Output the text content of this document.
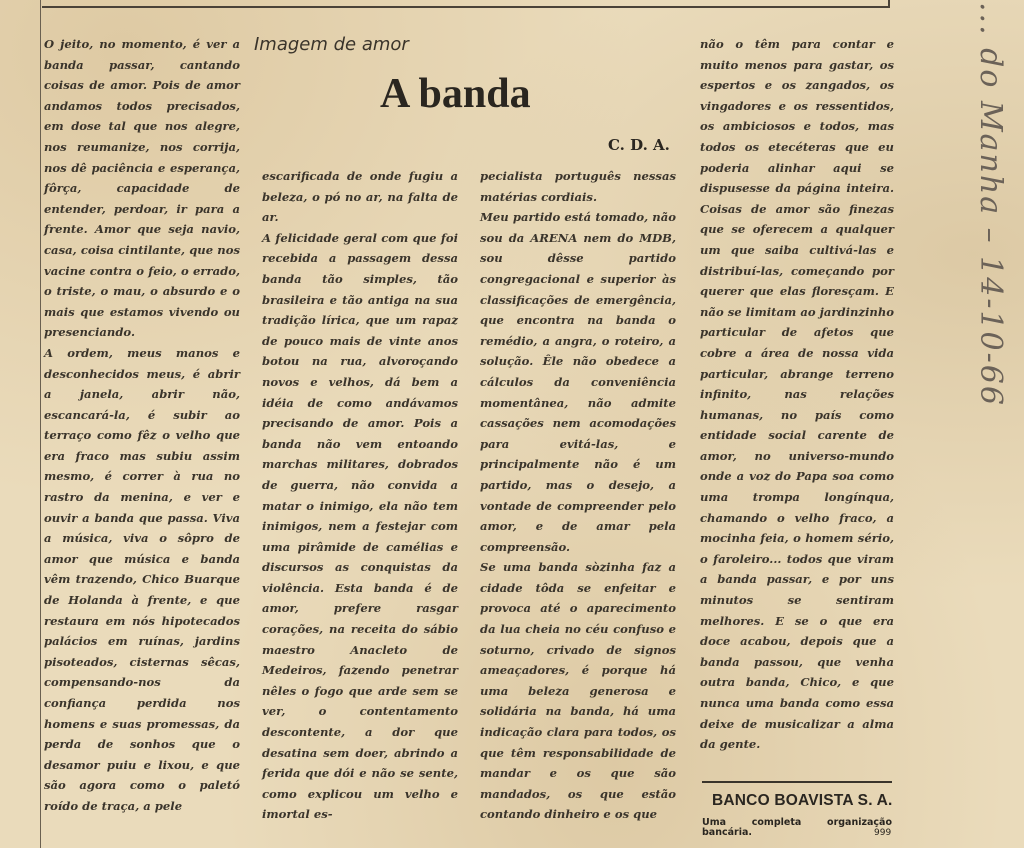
Imagem de amor
A banda
C. D. A.
O jeito, no momento, é ver a banda passar, cantando coisas de amor. Pois de amor andamos todos precisados, em dose tal que nos alegre, nos reumanize, nos corrija, nos dê paciência e esperança, fôrça, capacidade de entender, perdoar, ir para a frente. Amor que seja navio, casa, coisa cintilante, que nos vacine contra o feio, o errado, o triste, o mau, o absurdo e o mais que estamos vivendo ou presenciando.
A ordem, meus manos e desconhecidos meus, é abrir a janela, abrir não, escancará-la, é subir ao terraço como fêz o velho que era fraco mas subiu assim mesmo, é correr à rua no rastro da menina, e ver e ouvir a banda que passa. Viva a música, viva o sôpro de amor que música e banda vêm trazendo, Chico Buarque de Holanda à frente, e que restaura em nós hipotecados palácios em ruínas, jardins pisoteados, cisternas sêcas, compensando-nos da confiança perdida nos homens e suas promessas, da perda de sonhos que o desamor puiu e lixou, e que são agora como o paletó roído de traça, a pele
escarificada de onde fugiu a beleza, o pó no ar, na falta de ar.
A felicidade geral com que foi recebida a passagem dessa banda tão simples, tão brasileira e tão antiga na sua tradição lírica, que um rapaz de pouco mais de vinte anos botou na rua, alvoroçando novos e velhos, dá bem a idéia de como andávamos precisando de amor. Pois a banda não vem entoando marchas militares, dobrados de guerra, não convida a matar o inimigo, ela não tem inimigos, nem a festejar com uma pirâmide de camélias e discursos as conquistas da violência. Esta banda é de amor, prefere rasgar corações, na receita do sábio maestro Anacleto de Medeiros, fazendo penetrar nêles o fogo que arde sem se ver, o contentamento descontente, a dor que desatina sem doer, abrindo a ferida que dói e não se sente, como explicou um velho e imortal es-
pecialista português nessas matérias cordiais.
Meu partido está tomado, não sou da ARENA nem do MDB, sou dêsse partido congregacional e superior às classificações de emergência, que encontra na banda o remédio, a angra, o roteiro, a solução. Êle não obedece a cálculos da conveniência momentânea, não admite cassações nem acomodações para evitá-las, e principalmente não é um partido, mas o desejo, a vontade de compreender pelo amor, e de amar pela compreensão.
Se uma banda sòzinha faz a cidade tôda se enfeitar e provoca até o aparecimento da lua cheia no céu confuso e soturno, crivado de signos ameaçadores, é porque há uma beleza generosa e solidária na banda, há uma indicação clara para todos, os que têm responsabilidade de mandar e os que são mandados, os que estão contando dinheiro e os que
não o têm para contar e muito menos para gastar, os espertos e os zangados, os vingadores e os ressentidos, os ambiciosos e todos, mas todos os etecéteras que eu poderia alinhar aqui se dispusesse da página inteira. Coisas de amor são finezas que se oferecem a qualquer um que saiba cultivá-las e distribuí-las, começando por querer que elas floresçam. E não se limitam ao jardinzinho particular de afetos que cobre a área de nossa vida particular, abrange terreno infinito, nas relações humanas, no país como entidade social carente de amor, no universo-mundo onde a voz do Papa soa como uma trompa longínqua, chamando o velho fraco, a mocinha feia, o homem sério, o faroleiro... todos que viram a banda passar, e por uns minutos se sentiram melhores. E se o que era doce acabou, depois que a banda passou, que venha outra banda, Chico, e que nunca uma banda como essa deixe de musicalizar a alma da gente.
BANCO BOAVISTA S. A.
Uma completa organização bancária.	999
... do Manha – 14-10-66
